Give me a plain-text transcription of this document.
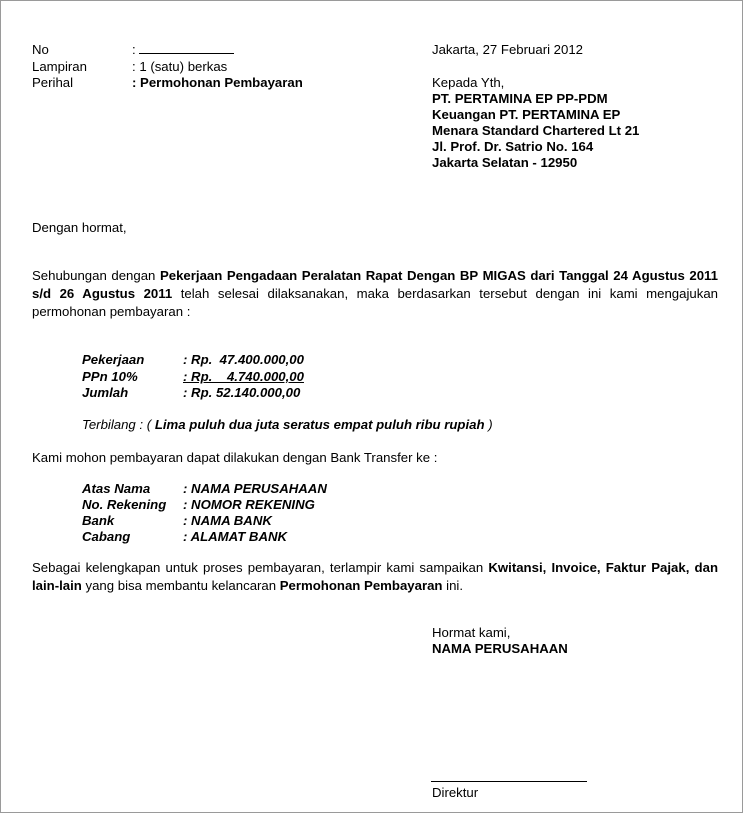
No	:
Lampiran	: 1 (satu) berkas
Perihal	: Permohonan Pembayaran
Jakarta, 27 Februari 2012
Kepada Yth,
PT. PERTAMINA EP PP-PDM
Keuangan PT. PERTAMINA EP
Menara Standard Chartered Lt 21
Jl. Prof. Dr. Satrio No. 164
Jakarta Selatan - 12950
Dengan hormat,
Sehubungan dengan Pekerjaan Pengadaan Peralatan Rapat Dengan BP MIGAS dari Tanggal 24 Agustus 2011 s/d 26 Agustus 2011 telah selesai dilaksanakan, maka berdasarkan tersebut dengan ini kami mengajukan permohonan pembayaran :
Pekerjaan	: Rp.  47.400.000,00
PPn 10%	: Rp.    4.740.000,00
Jumlah	: Rp. 52.140.000,00
Terbilang : ( Lima puluh dua juta seratus empat puluh ribu rupiah )
Kami mohon pembayaran dapat dilakukan dengan Bank Transfer ke :
Atas Nama : NAMA PERUSAHAAN
No. Rekening : NOMOR REKENING
Bank	: NAMA BANK
Cabang	: ALAMAT BANK
Sebagai kelengkapan untuk proses pembayaran, terlampir kami sampaikan Kwitansi, Invoice, Faktur Pajak, dan lain-lain yang bisa membantu kelancaran Permohonan Pembayaran ini.
Hormat kami,
NAMA PERUSAHAAN
Direktur
